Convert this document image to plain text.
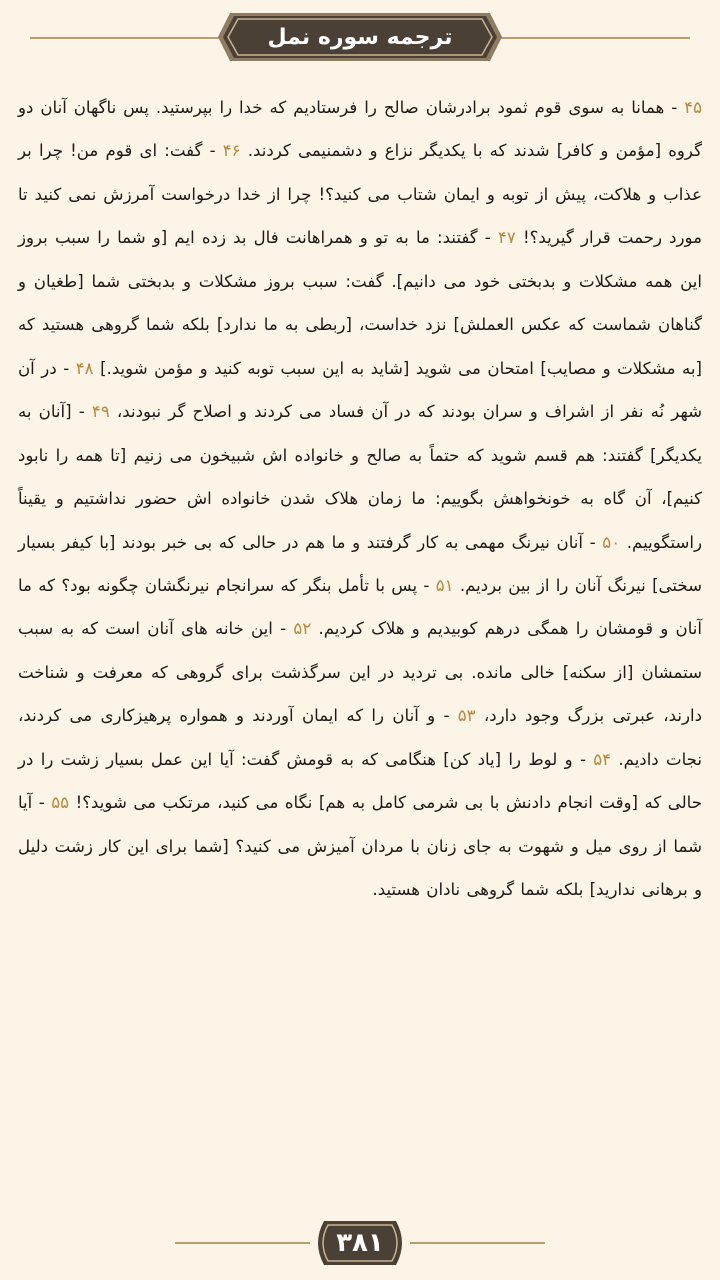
ترجمه سوره نمل
۴۵ - همانا به سوی قوم ثمود برادرشان صالح را فرستادیم که خدا را بپرستید. پس ناگهان آنان دو گروه [مؤمن و کافر] شدند که با یکدیگر نزاع و دشمنیمی کردند. ۴۶ - گفت: ای قوم من! چرا بر عذاب و هلاکت، پیش از توبه و ایمان شتاب می کنید؟! چرا از خدا درخواست آمرزش نمی کنید تا مورد رحمت قرار گیرید؟! ۴۷ - گفتند: ما به تو و همراهانت فال بد زده ایم [و شما را سبب بروز این همه مشکلات و بدبختی خود می دانیم]. گفت: سبب بروز مشکلات و بدبختی شما [طغیان و گناهان شماست که عکس العملش] نزد خداست، [ربطی به ما ندارد] بلکه شما گروهی هستید که [به مشکلات و مصایب] امتحان می شوید [شاید به این سبب توبه کنید و مؤمن شوید.] ۴۸ - در آن شهر نُه نفر از اشراف و سران بودند که در آن فساد می کردند و اصلاح گر نبودند، ۴۹ - [آنان به یکدیگر] گفتند: هم قسم شوید که حتماً به صالح و خانواده اش شبیخون می زنیم [تا همه را نابود کنیم]، آن گاه به خونخواهش بگوییم: ما زمان هلاک شدن خانواده اش حضور نداشتیم و یقیناً راستگوییم. ۵۰ - آنان نیرنگ مهمی به کار گرفتند و ما هم در حالی که بی خبر بودند [با کیفر بسیار سختی] نیرنگ آنان را از بین بردیم. ۵۱ - پس با تأمل بنگر که سرانجام نیرنگشان چگونه بود؟ که ما آنان و قومشان را همگی درهم کوبیدیم و هلاک کردیم. ۵۲ - این خانه های آنان است که به سبب ستمشان [از سکنه] خالی مانده. بی تردید در این سرگذشت برای گروهی که معرفت و شناخت دارند، عبرتی بزرگ وجود دارد، ۵۳ - و آنان را که ایمان آوردند و همواره پرهیزکاری می کردند، نجات دادیم. ۵۴ - و لوط را [یاد کن] هنگامی که به قومش گفت: آیا این عمل بسیار زشت را در حالی که [وقت انجام دادنش با بی شرمی کامل به هم] نگاه می کنید، مرتکب می شوید؟! ۵۵ - آیا شما از روی میل و شهوت به جای زنان با مردان آمیزش می کنید؟ [شما برای این کار زشت دلیل و برهانی ندارید] بلکه شما گروهی نادان هستید.
۳۸۱
